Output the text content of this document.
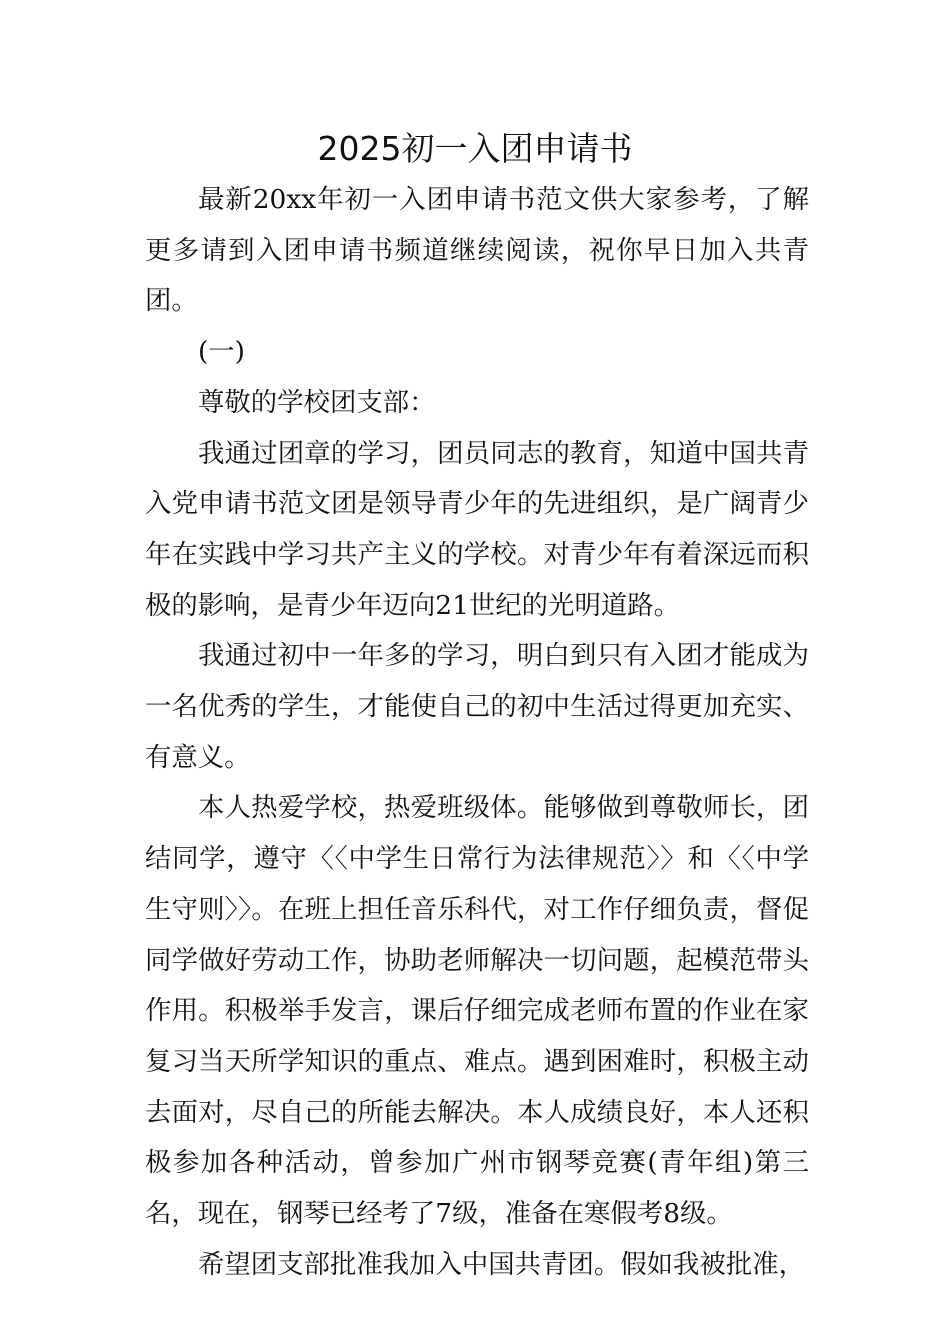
2025初一入团申请书

最新20xx年初一入团申请书范文供大家参考，了解更多请到入团申请书频道继续阅读，祝你早日加入共青团。

(一)

尊敬的学校团支部：

我通过团章的学习，团员同志的教育，知道中国共青入党申请书范文团是领导青少年的先进组织，是广阔青少年在实践中学习共产主义的学校。对青少年有着深远而积极的影响，是青少年迈向21世纪的光明道路。

我通过初中一年多的学习，明白到只有入团才能成为一名优秀的学生，才能使自己的初中生活过得更加充实、有意义。

本人热爱学校，热爱班级体。能够做到尊敬师长，团结同学，遵守〈〈中学生日常行为法律规范〉〉和〈〈中学生守则〉〉。在班上担任音乐科代，对工作仔细负责，督促同学做好劳动工作，协助老师解决一切问题，起模范带头作用。积极举手发言，课后仔细完成老师布置的作业在家复习当天所学知识的重点、难点。遇到困难时，积极主动去面对，尽自己的所能去解决。本人成绩良好，本人还积极参加各种活动，曾参加广州市钢琴竞赛(青年组)第三名，现在，钢琴已经考了7级，准备在寒假考8级。

希望团支部批准我加入中国共青团。假如我被批准，
